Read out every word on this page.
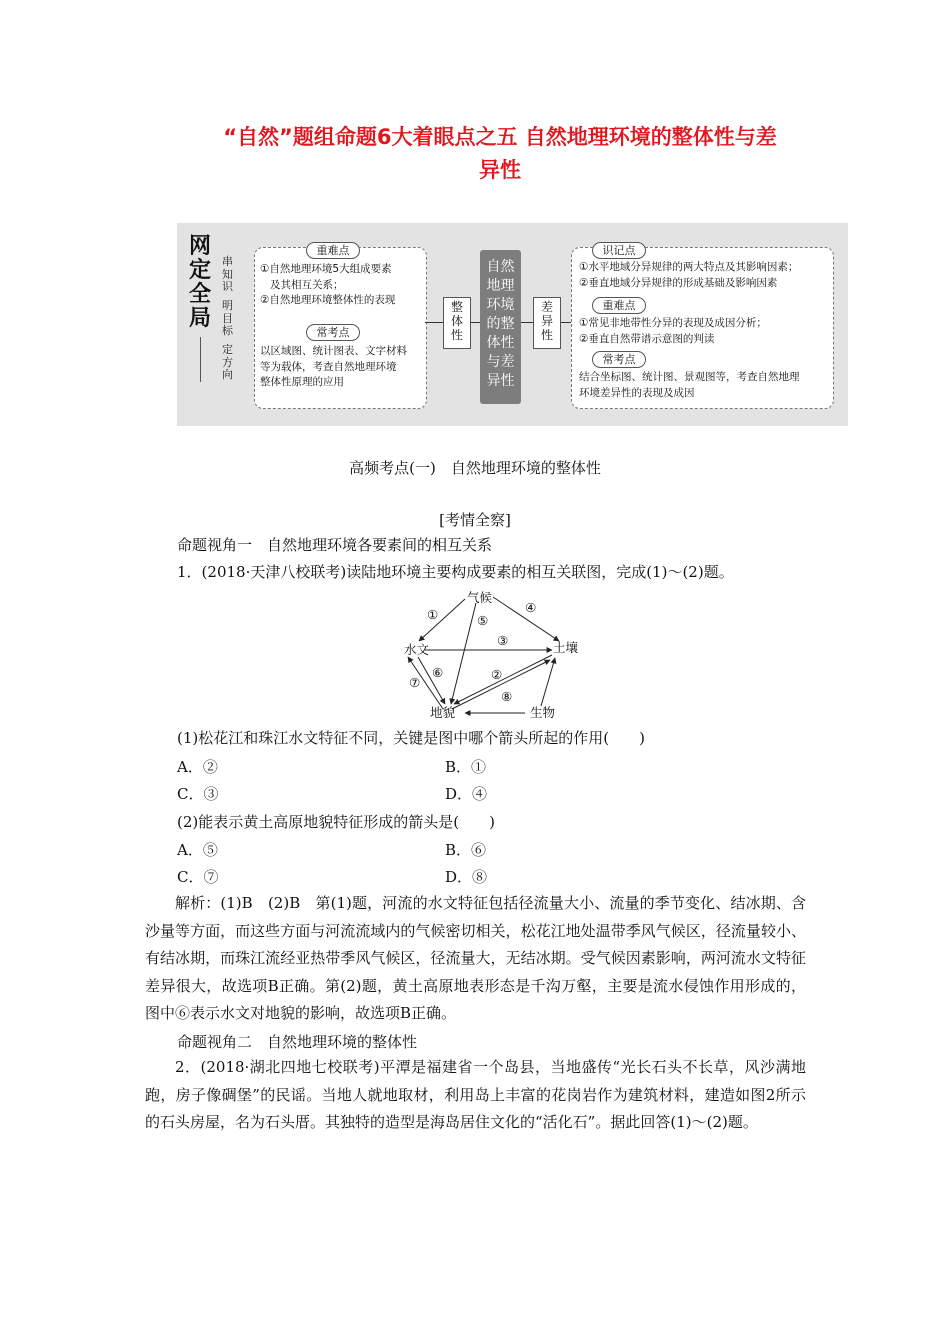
“自然”题组命题6大着眼点之五 自然地理环境的整体性与差
异性
网
定
全
局
串
知
识
明
目
标
定
方
向
重难点
①自然地理环境5大组成要素
及其相互关系；
②自然地理环境整体性的表现
常考点
以区域图、统计图表、文字材料
等为载体，考查自然地理环境
整体性原理的应用
整
体
性
自然
地理
环境
的整
体性
与差
异性
差
异
性
识记点
①水平地域分异规律的两大特点及其影响因素；
②垂直地域分异规律的形成基础及影响因素
重难点
①常见非地带性分异的表现及成因分析；
②垂直自然带谱示意图的判读
常考点
结合坐标图、统计图、景观图等，考查自然地理
环境差异性的表现及成因
高频考点(一)　自然地理环境的整体性
[考情全察]
命题视角一　自然地理环境各要素间的相互关系
1．(2018·天津八校联考)读陆地环境主要构成要素的相互关联图，完成(1)～(2)题。
气候
水文	土壤
地貌	生物
①
②
③
④
⑤
⑥
⑦
⑧
(1)松花江和珠江水文特征不同，关键是图中哪个箭头所起的作用(　　)
A．②	B．①
C．③	D．④
(2)能表示黄土高原地貌特征形成的箭头是(　　)
A．⑤	B．⑥
C．⑦	D．⑧
解析：(1)B　(2)B　第(1)题，河流的水文特征包括径流量大小、流量的季节变化、结冰期、含沙量等方面，而这些方面与河流流域内的气候密切相关，松花江地处温带季风气候区，径流量较小、有结冰期，而珠江流经亚热带季风气候区，径流量大，无结冰期。受气候因素影响，两河流水文特征差异很大，故选项B正确。第(2)题，黄土高原地表形态是千沟万壑，主要是流水侵蚀作用形成的，图中⑥表示水文对地貌的影响，故选项B正确。
命题视角二　自然地理环境的整体性
2．(2018·湖北四地七校联考)平潭是福建省一个岛县，当地盛传“光长石头不长草，风沙满地跑，房子像碉堡”的民谣。当地人就地取材，利用岛上丰富的花岗岩作为建筑材料，建造如图2所示的石头房屋，名为石头厝。其独特的造型是海岛居住文化的“活化石”。据此回答(1)～(2)题。
